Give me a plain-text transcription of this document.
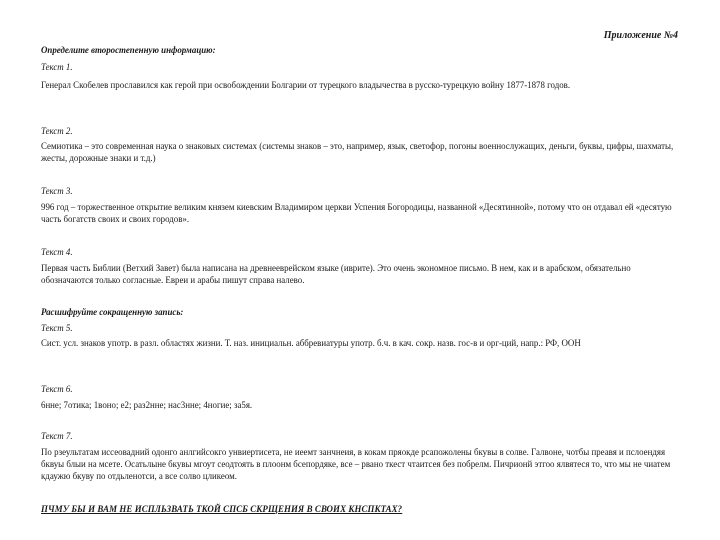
Приложение №4
Определите второстепенную информацию:
Текст 1.
Генерал Скобелев прославился как герой при освобождении Болгарии от турецкого владычества в русско-турецкую войну 1877-1878 годов.
Текст 2.
Семиотика – это современная наука о знаковых системах (системы знаков – это, например, язык, светофор, погоны военнослужащих, деньги, буквы, цифры, шахматы, жесты, дорожные знаки и т.д.)
Текст 3.
996 год – торжественное открытие великим князем киевским Владимиром церкви Успения Богородицы, названной «Десятинной», потому что он отдавал ей «десятую часть богатств своих и своих городов».
Текст 4.
Первая часть Библии (Ветхий Завет) была написана на древнееврейском языке (иврите). Это очень экономное письмо. В нем, как и в арабском, обязательно обозначаются только согласные. Евреи и арабы пишут справа налево.
Расшифруйте сокращенную запись:
Текст 5.
Сист. усл. знаков употр. в разл. областях жизни. Т. наз. инициальн. аббревиатуры употр. б.ч. в кач. сокр. назв. гос-в и орг-ций, напр.: РФ, ООН
Текст 6.
6нне; 7отика; 1воно; е2; раз2нне; нас3нне; 4ногие; за5я.
Текст 7.
По рзеультатам иссеовадний одонго анлгийсокго унвиертисета, не иеемт занчнеия, в кокам пряокде рсапожолены бкувы в солве. Галвоне, чотбы преавя и пслоендяя бквуы блыи на мсете. Осатьлыне бкувы мгоут сеодтоять в плоонм бсепордяке, все – рвано ткест чтаитсея без побрелм. Пичрионй этгоо ялвятеся то, что мы не чиатем кдаужю бкуву по отдьленотси, а все солво цликеом.
ПЧМУ БЫ И ВАМ НЕ ИСПЛЬЗВАТЬ ТКОЙ СПСБ СКРЩЕНИЯ В СВОИХ КНСПКТАХ?
